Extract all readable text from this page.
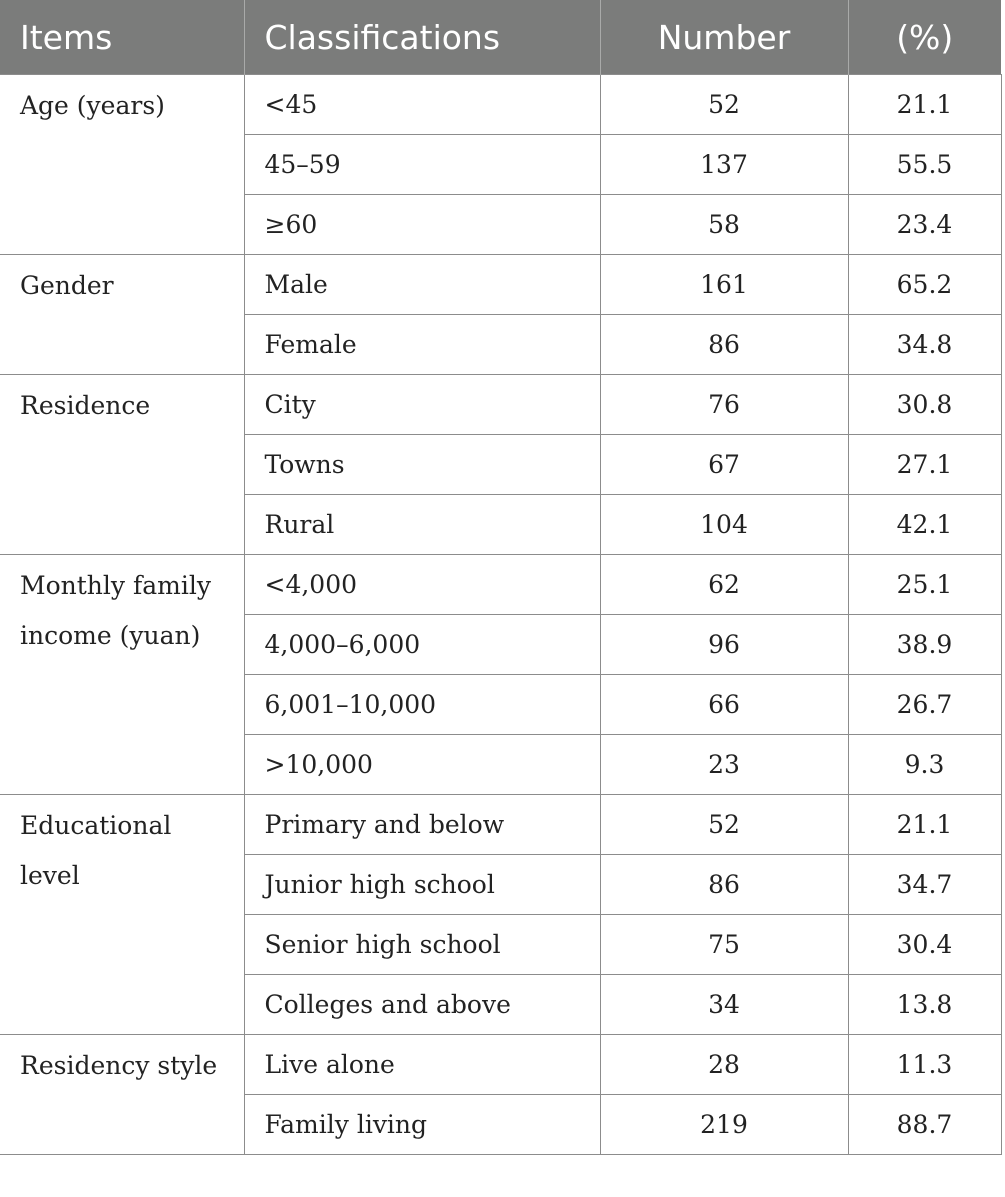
Items	Classifications	Number	(%)

Age (years)	<45	52	21.1
	45–59	137	55.5
	≥60	58	23.4

Gender	Male	161	65.2
	Female	86	34.8

Residence	City	76	30.8
	Towns	67	27.1
	Rural	104	42.1

Monthly family income (yuan)	<4,000	62	25.1
	4,000–6,000	96	38.9
	6,001–10,000	66	26.7
	>10,000	23	9.3

Educational level	Primary and below	52	21.1
	Junior high school	86	34.7
	Senior high school	75	30.4
	Colleges and above	34	13.8

Residency style	Live alone	28	11.3
	Family living	219	88.7
